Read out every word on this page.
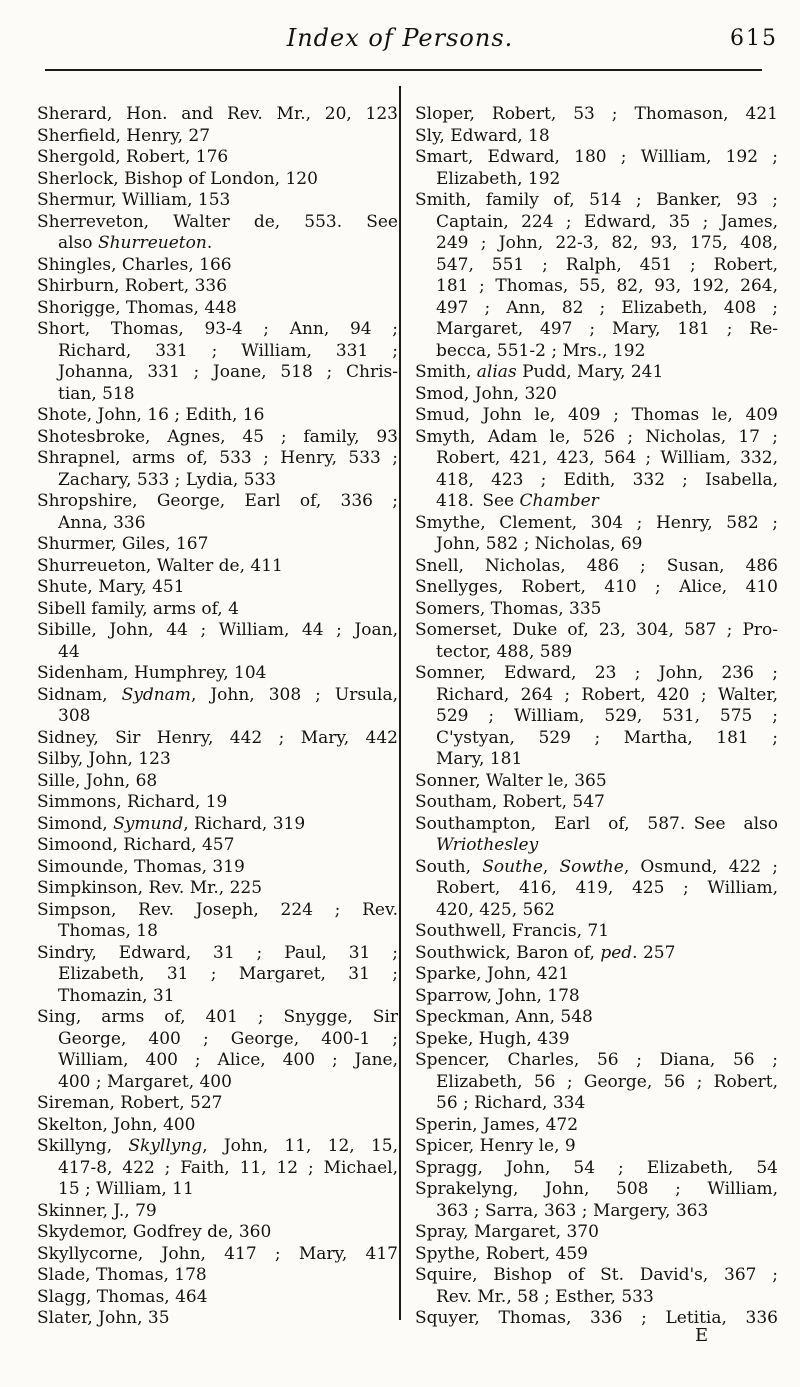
Index of Persons.	615
Sherard, Hon. and Rev. Mr., 20, 123
Sherfield, Henry, 27
Shergold, Robert, 176
Sherlock, Bishop of London, 120
Shermur, William, 153
Sherreveton, Walter de, 553. See
also Shurreueton.
Shingles, Charles, 166
Shirburn, Robert, 336
Shorigge, Thomas, 448
Short, Thomas, 93-4 ; Ann, 94 ;
Richard, 331 ; William, 331 ;
Johanna, 331 ; Joane, 518 ; Chris-
tian, 518
Shote, John, 16 ; Edith, 16
Shotesbroke, Agnes, 45 ; family, 93
Shrapnel, arms of, 533 ; Henry, 533 ;
Zachary, 533 ; Lydia, 533
Shropshire, George, Earl of, 336 ;
Anna, 336
Shurmer, Giles, 167
Shurreueton, Walter de, 411
Shute, Mary, 451
Sibell family, arms of, 4
Sibille, John, 44 ; William, 44 ; Joan,
44
Sidenham, Humphrey, 104
Sidnam, Sydnam, John, 308 ; Ursula,
308
Sidney, Sir Henry, 442 ; Mary, 442
Silby, John, 123
Sille, John, 68
Simmons, Richard, 19
Simond, Symund, Richard, 319
Simoond, Richard, 457
Simounde, Thomas, 319
Simpkinson, Rev. Mr., 225
Simpson, Rev. Joseph, 224 ; Rev.
Thomas, 18
Sindry, Edward, 31 ; Paul, 31 ;
Elizabeth, 31 ; Margaret, 31 ;
Thomazin, 31
Sing, arms of, 401 ; Snygge, Sir
George, 400 ; George, 400-1 ;
William, 400 ; Alice, 400 ; Jane,
400 ; Margaret, 400
Sireman, Robert, 527
Skelton, John, 400
Skillyng, Skyllyng, John, 11, 12, 15,
417-8, 422 ; Faith, 11, 12 ; Michael,
15 ; William, 11
Skinner, J., 79
Skydemor, Godfrey de, 360
Skyllycorne, John, 417 ; Mary, 417
Slade, Thomas, 178
Slagg, Thomas, 464
Slater, John, 35
Sloper, Robert, 53 ; Thomason, 421
Sly, Edward, 18
Smart, Edward, 180 ; William, 192 ;
Elizabeth, 192
Smith, family of, 514 ; Banker, 93 ;
Captain, 224 ; Edward, 35 ; James,
249 ; John, 22-3, 82, 93, 175, 408,
547, 551 ; Ralph, 451 ; Robert,
181 ; Thomas, 55, 82, 93, 192, 264,
497 ; Ann, 82 ; Elizabeth, 408 ;
Margaret, 497 ; Mary, 181 ; Re-
becca, 551-2 ; Mrs., 192
Smith, alias Pudd, Mary, 241
Smod, John, 320
Smud, John le, 409 ; Thomas le, 409
Smyth, Adam le, 526 ; Nicholas, 17 ;
Robert, 421, 423, 564 ; William, 332,
418, 423 ; Edith, 332 ; Isabella,
418. See Chamber
Smythe, Clement, 304 ; Henry, 582 ;
John, 582 ; Nicholas, 69
Snell, Nicholas, 486 ; Susan, 486
Snellyges, Robert, 410 ; Alice, 410
Somers, Thomas, 335
Somerset, Duke of, 23, 304, 587 ; Pro-
tector, 488, 589
Somner, Edward, 23 ; John, 236 ;
Richard, 264 ; Robert, 420 ; Walter,
529 ; William, 529, 531, 575 ;
C'ystyan, 529 ; Martha, 181 ;
Mary, 181
Sonner, Walter le, 365
Southam, Robert, 547
Southampton, Earl of, 587. See also
Wriothesley
South, Southe, Sowthe, Osmund, 422 ;
Robert, 416, 419, 425 ; William,
420, 425, 562
Southwell, Francis, 71
Southwick, Baron of, ped. 257
Sparke, John, 421
Sparrow, John, 178
Speckman, Ann, 548
Speke, Hugh, 439
Spencer, Charles, 56 ; Diana, 56 ;
Elizabeth, 56 ; George, 56 ; Robert,
56 ; Richard, 334
Sperin, James, 472
Spicer, Henry le, 9
Spragg, John, 54 ; Elizabeth, 54
Sprakelyng, John, 508 ; William,
363 ; Sarra, 363 ; Margery, 363
Spray, Margaret, 370
Spythe, Robert, 459
Squire, Bishop of St. David's, 367 ;
Rev. Mr., 58 ; Esther, 533
Squyer, Thomas, 336 ; Letitia, 336
E
